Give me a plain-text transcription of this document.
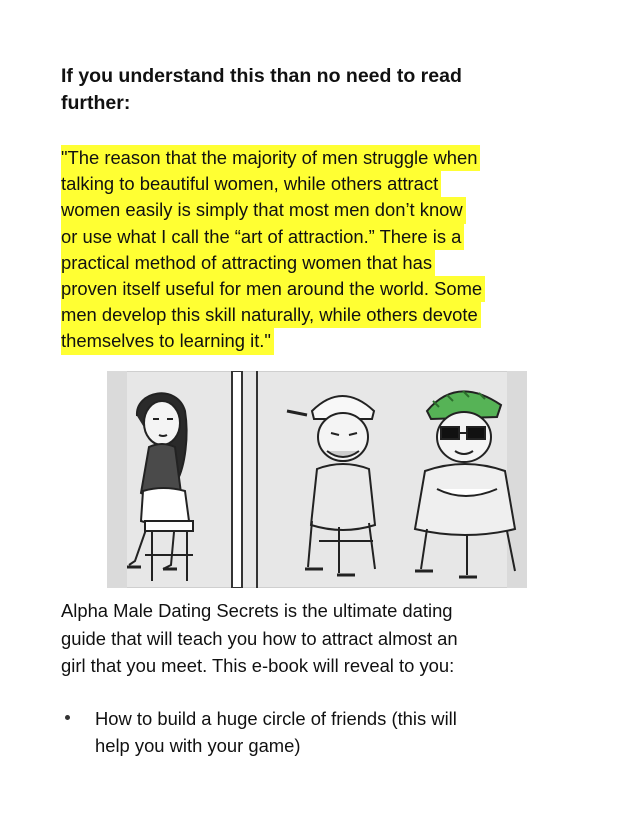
If you understand this than no need to read
further:

"The reason that the majority of men struggle when
talking to beautiful women, while others attract
women easily is simply that most men don’t know
or use what I call the “art of attraction.” There is a
practical method of attracting women that has
proven itself useful for men around the world. Some
men develop this skill naturally, while others devote
themselves to learning it."

Alpha Male Dating Secrets is the ultimate dating
guide that will teach you how to attract almost an
girl that you meet. This e-book will reveal to you:

How to build a huge circle of friends (this will
help you with your game)
